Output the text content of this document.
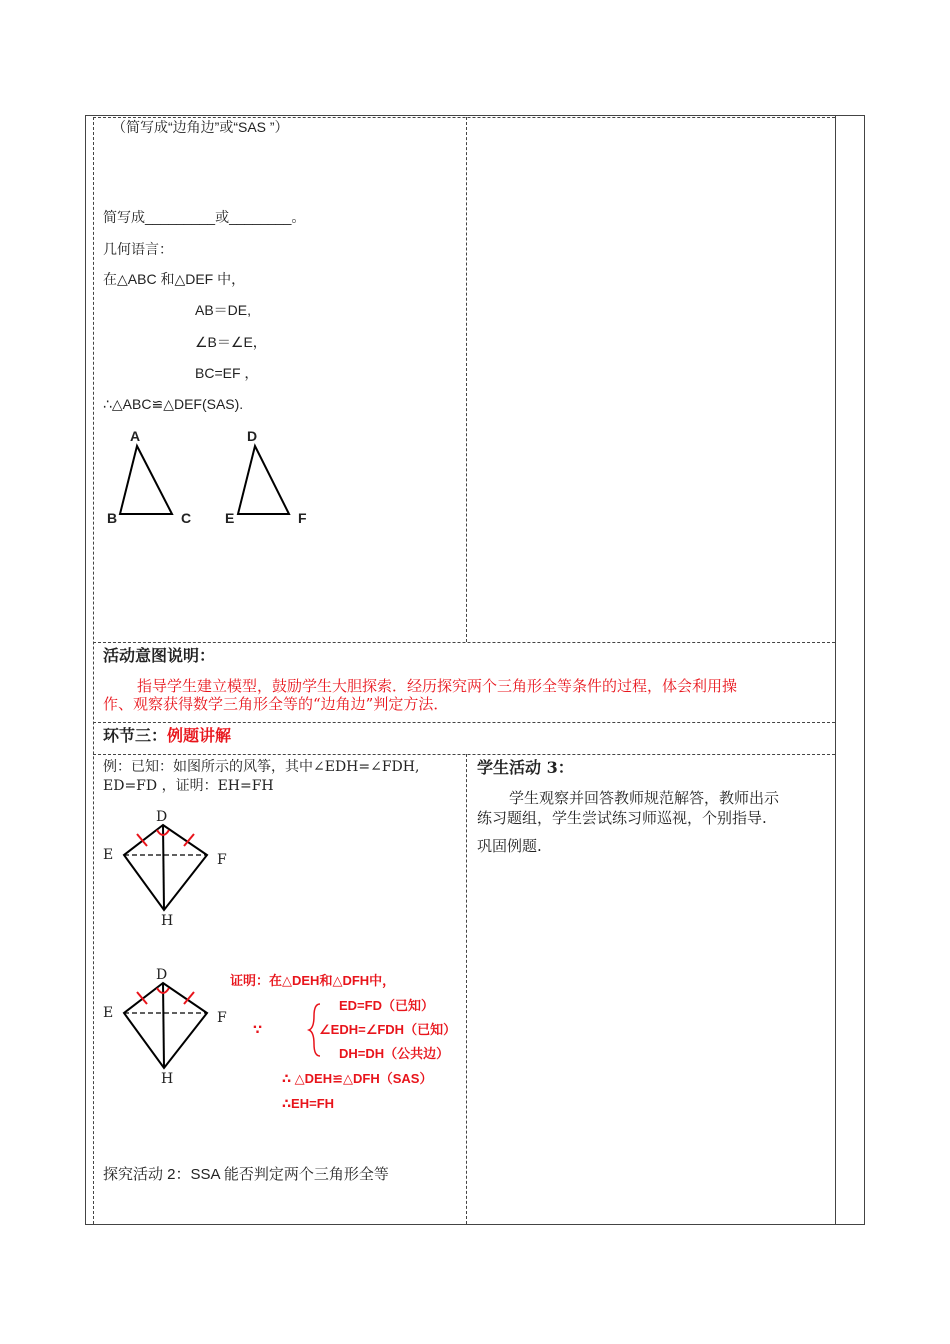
（简写成“边角边”或“SAS ”）
简写成_________或________。
几何语言：
在△ABC 和△DEF 中，
AB＝DE,
∠B＝∠E，
BC=EF ，
∴△ABC≌△DEF(SAS).
A
B	C
D
E	F
活动意图说明：
指导学生建立模型，鼓励学生大胆探索．经历探究两个三角形全等条件的过程，体会利用操
作、观察获得数学三角形全等的“边角边”判定方法．
环节三：例题讲解
例：已知：如图所示的风筝，其中∠EDH=∠FDH,
ED=FD ，证明：EH=FH
D
E	F
H
D
E	F
H
证明：在△DEH和△DFH中，
∵
ED=FD（已知）
∠EDH=∠FDH（已知）
DH=DH（公共边）
∴ △DEH≌△DFH（SAS）
∴EH=FH
探究活动 2：SSA 能否判定两个三角形全等
学生活动 3：
学生观察并回答教师规范解答，教师出示
练习题组，学生尝试练习师巡视，个别指导.
巩固例题.
